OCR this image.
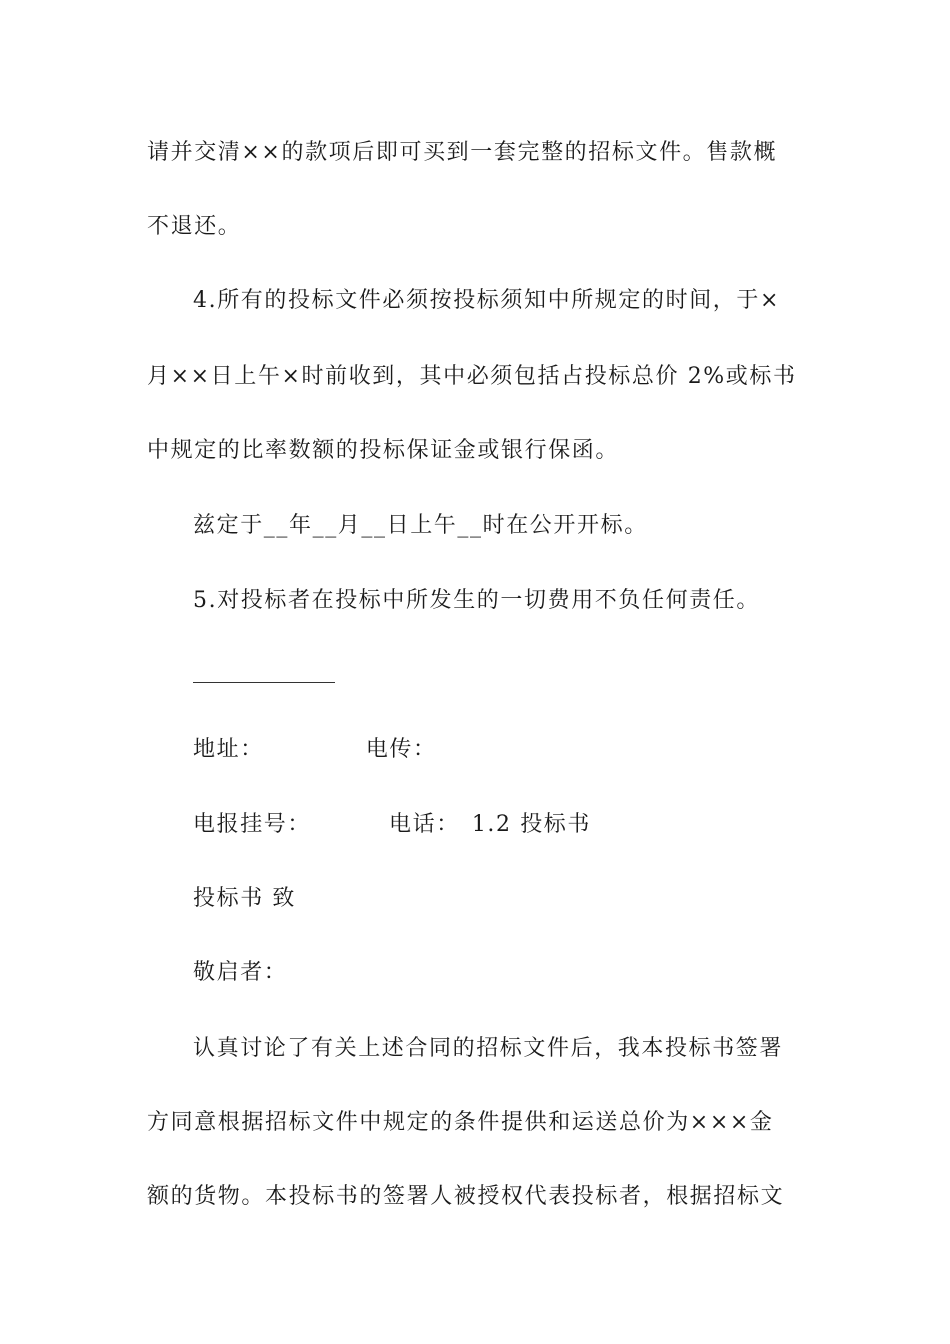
请并交清××的款项后即可买到一套完整的招标文件。售款概
不退还。
4.所有的投标文件必须按投标须知中所规定的时间，于×
月××日上午×时前收到，其中必须包括占投标总价 2%或标书
中规定的比率数额的投标保证金或银行保函。
兹定于__年__月__日上午__时在公开开标。
5.对投标者在投标中所发生的一切费用不负任何责任。
地址：	电传：
电报挂号：	电话： 1.2 投标书
投标书 致
敬启者：
认真讨论了有关上述合同的招标文件后，我本投标书签署
方同意根据招标文件中规定的条件提供和运送总价为×××金
额的货物。本投标书的签署人被授权代表投标者，根据招标文
